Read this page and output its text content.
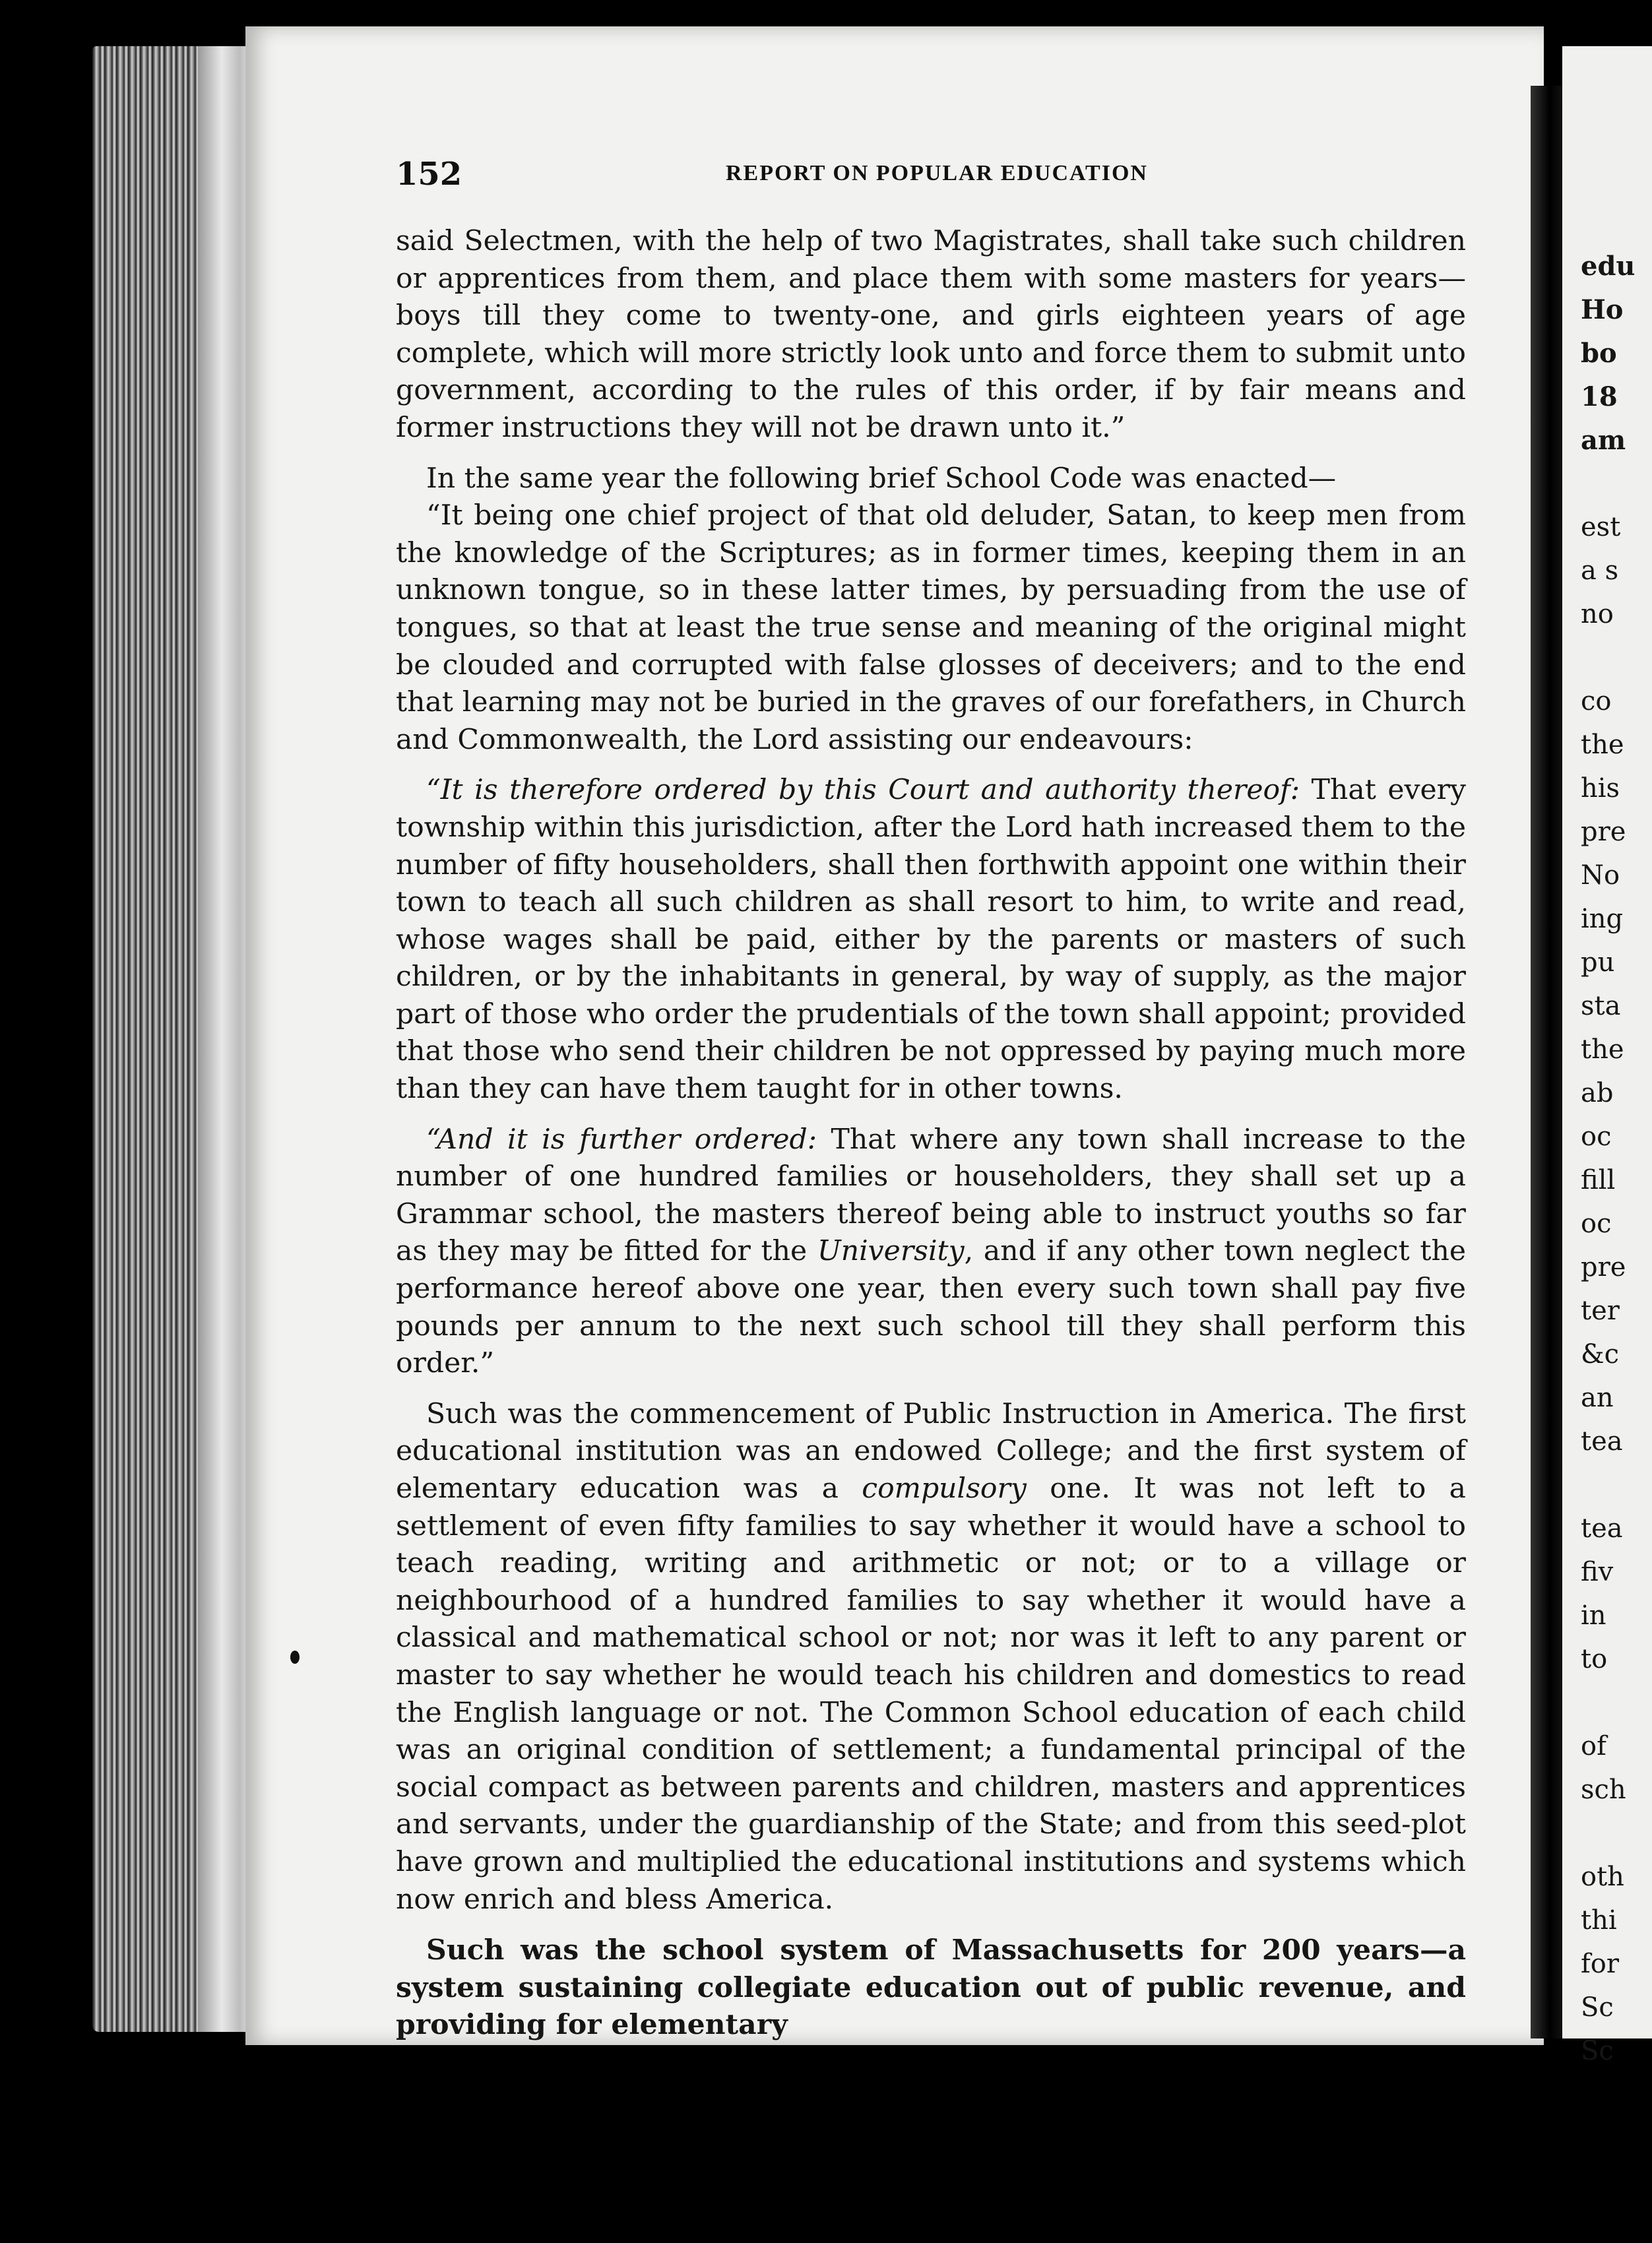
edu
Ho
bo
18
am
est
a s
no
co
the
his
pre
No
ing
pu
sta
the
ab
oc
fill
oc
pre
ter
&c
an
tea
tea
fiv
in
to
of
sch
oth
thi
for
Sc
Sc
152	REPORT ON POPULAR EDUCATION

said Selectmen, with the help of two Magistrates, shall take such children or apprentices from them, and place them with some masters for years—boys till they come to twenty-one, and girls eighteen years of age complete, which will more strictly look unto and force them to submit unto government, according to the rules of this order, if by fair means and former instructions they will not be drawn unto it.”

In the same year the following brief School Code was enacted—

“It being one chief project of that old deluder, Satan, to keep men from the knowledge of the Scriptures; as in former times, keeping them in an unknown tongue, so in these latter times, by persuading from the use of tongues, so that at least the true sense and meaning of the original might be clouded and corrupted with false glosses of deceivers; and to the end that learning may not be buried in the graves of our forefathers, in Church and Commonwealth, the Lord assisting our endeavours:

“It is therefore ordered by this Court and authority thereof: That every township within this jurisdiction, after the Lord hath increased them to the number of fifty householders, shall then forthwith appoint one within their town to teach all such children as shall resort to him, to write and read, whose wages shall be paid, either by the parents or masters of such children, or by the inhabitants in general, by way of supply, as the major part of those who order the prudentials of the town shall appoint; provided that those who send their children be not oppressed by paying much more than they can have them taught for in other towns.

“And it is further ordered: That where any town shall increase to the number of one hundred families or householders, they shall set up a Grammar school, the masters thereof being able to instruct youths so far as they may be fitted for the University, and if any other town neglect the performance hereof above one year, then every such town shall pay five pounds per annum to the next such school till they shall perform this order.”

Such was the commencement of Public Instruction in America. The first educational institution was an endowed College; and the first system of elementary education was a compulsory one. It was not left to a settlement of even fifty families to say whether it would have a school to teach reading, writing and arithmetic or not; or to a village or neighbourhood of a hundred families to say whether it would have a classical and mathematical school or not; nor was it left to any parent or master to say whether he would teach his children and domestics to read the English language or not. The Common School education of each child was an original condition of settlement; a fundamental principal of the social compact as between parents and children, masters and apprentices and servants, under the guardianship of the State; and from this seed-plot have grown and multiplied the educational institutions and systems which now enrich and bless America.

Such was the school system of Massachusetts for 200 years—a system sustaining collegiate education out of public revenue, and providing for elementary
